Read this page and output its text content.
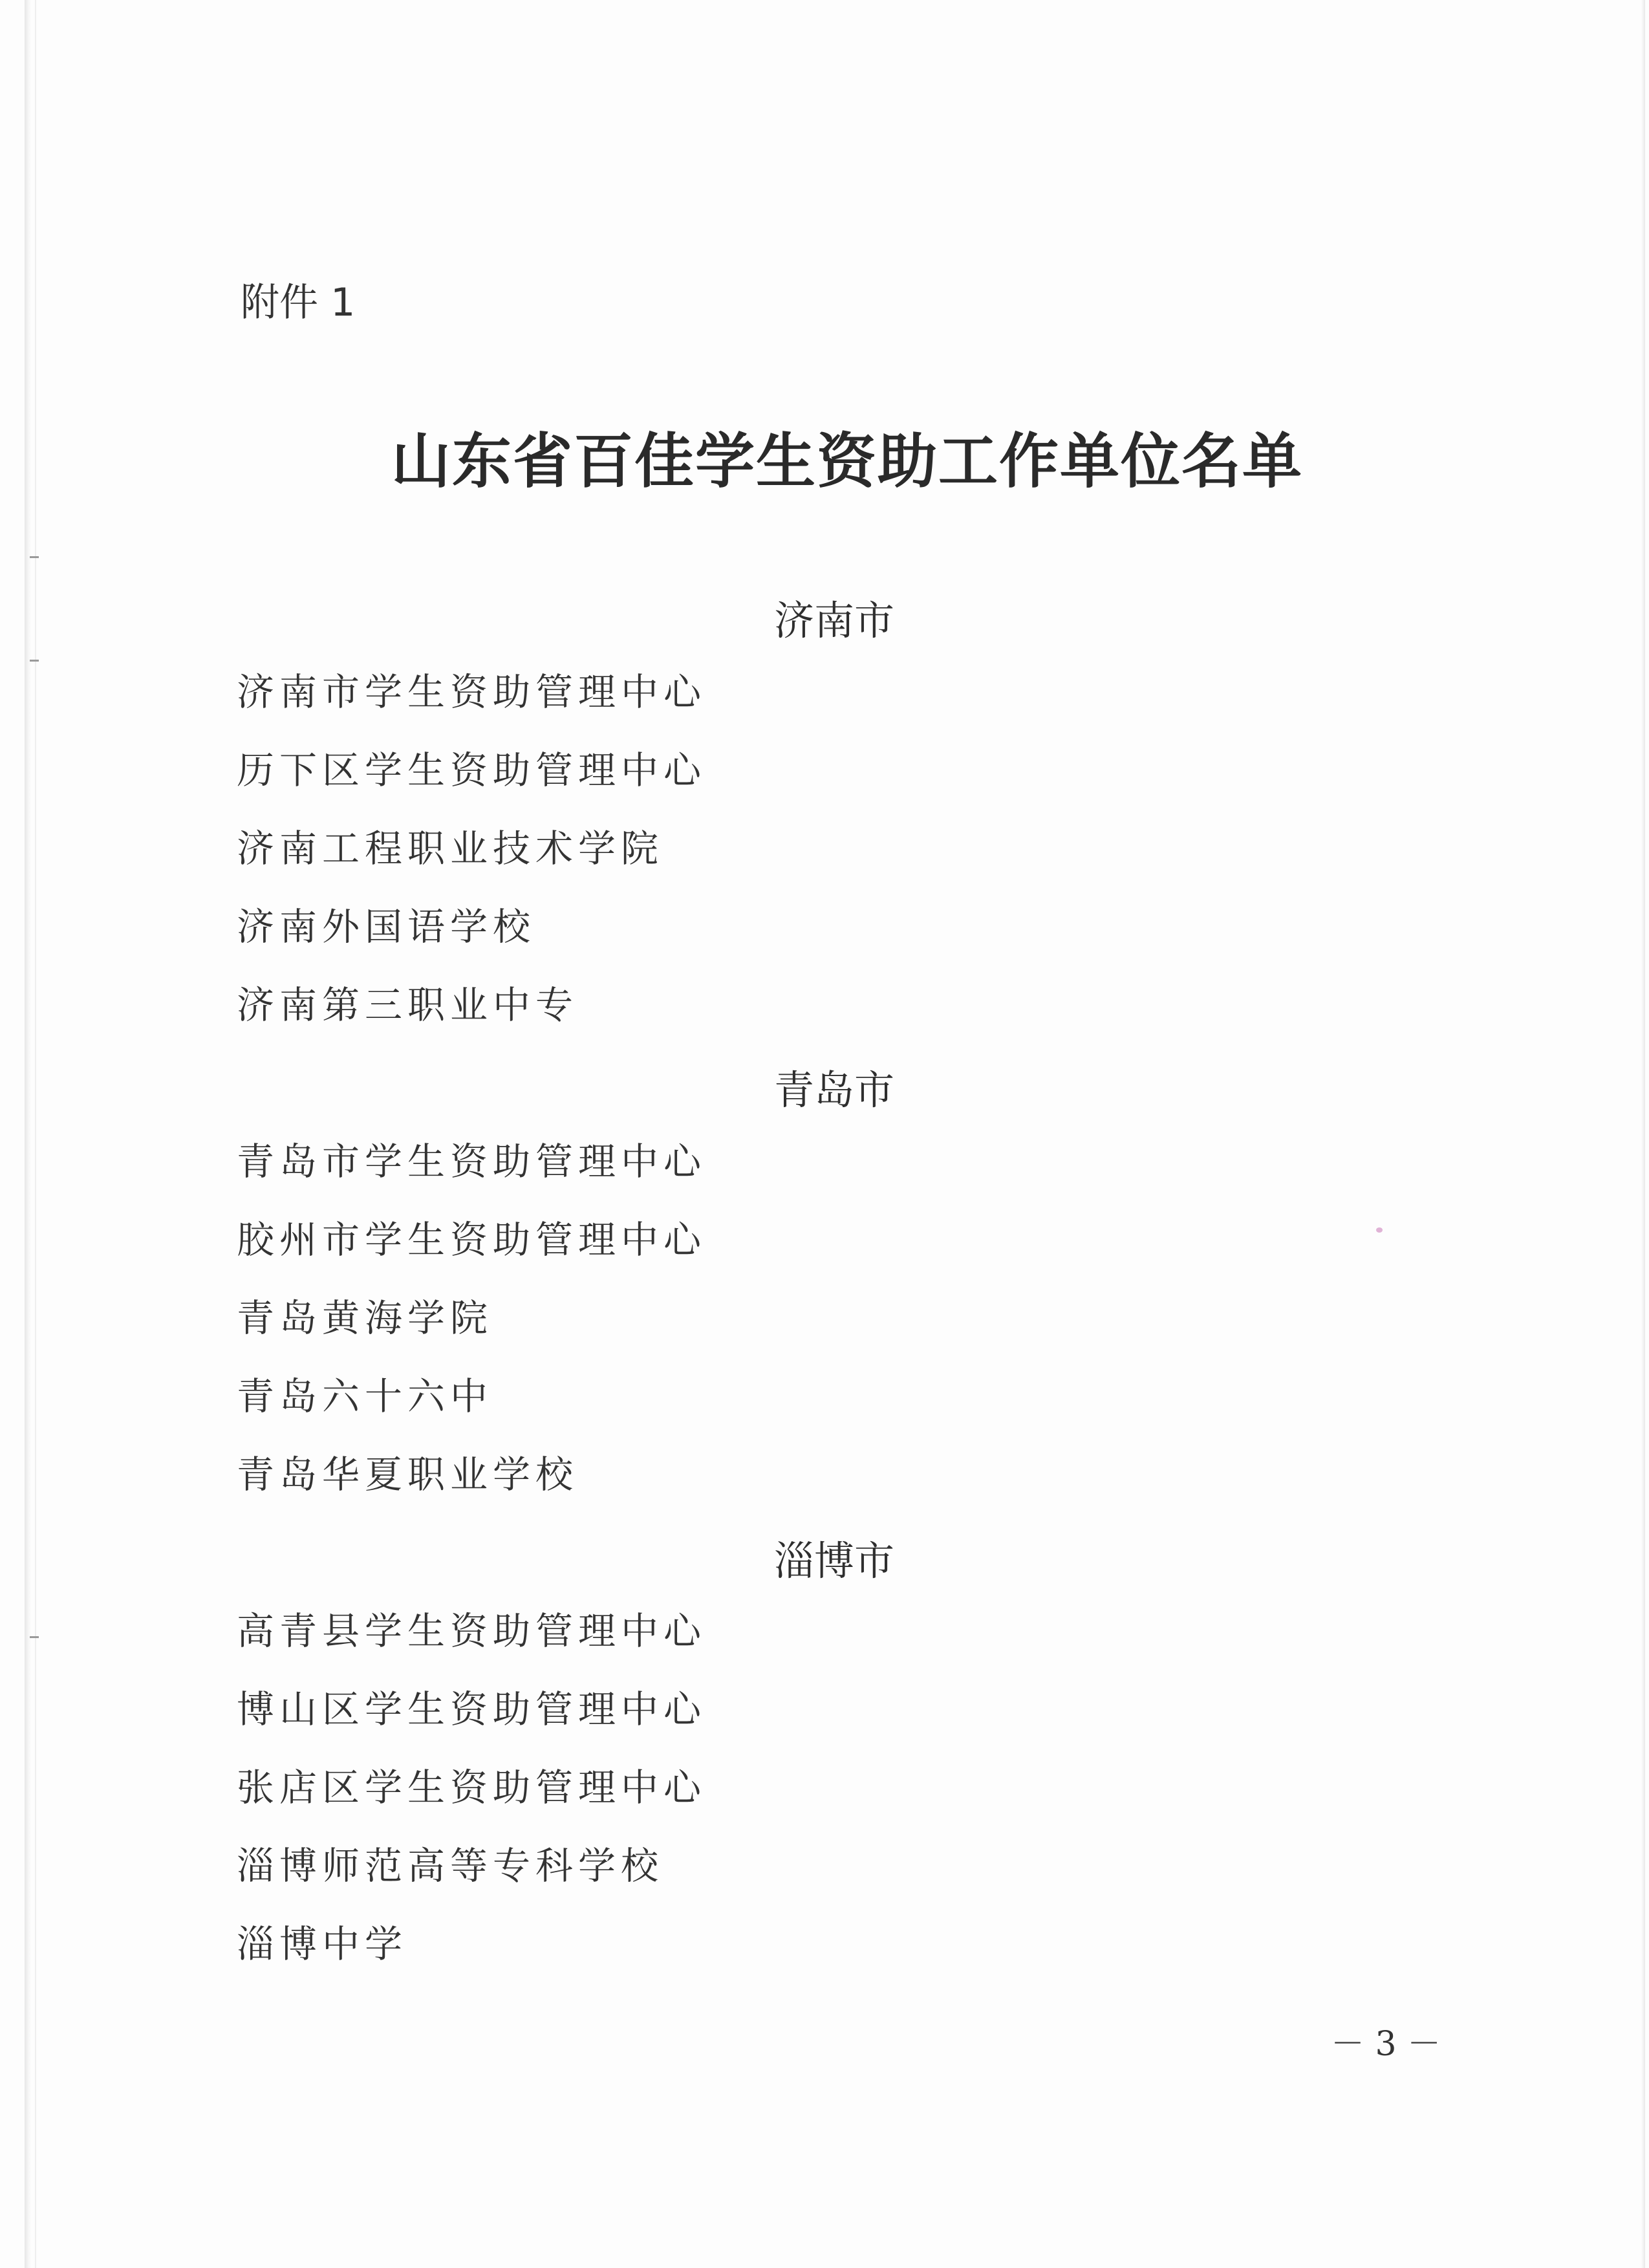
附件 1
山东省百佳学生资助工作单位名单
济南市
济南市学生资助管理中心
历下区学生资助管理中心
济南工程职业技术学院
济南外国语学校
济南第三职业中专
青岛市
青岛市学生资助管理中心
胶州市学生资助管理中心
青岛黄海学院
青岛六十六中
青岛华夏职业学校
淄博市
高青县学生资助管理中心
博山区学生资助管理中心
张店区学生资助管理中心
淄博师范高等专科学校
淄博中学
－ 3 －
